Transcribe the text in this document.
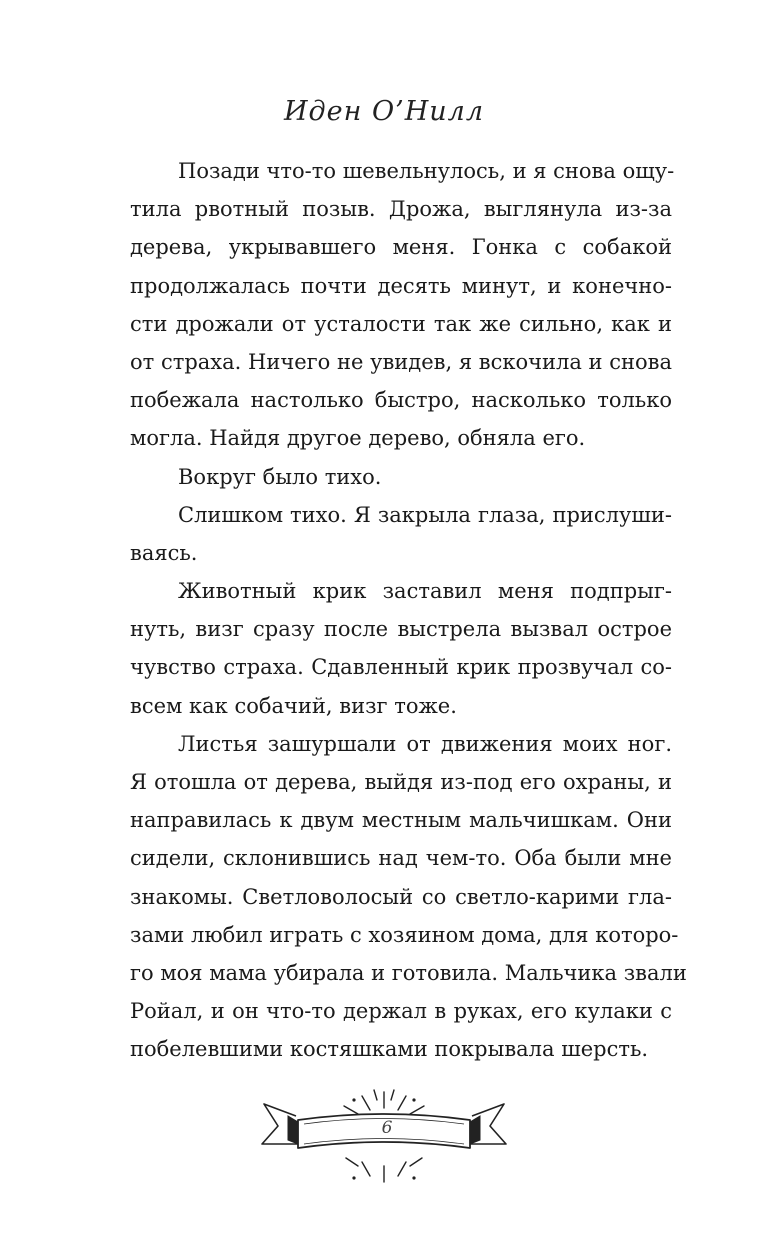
Иден О’Нилл
Позади что-то шевельнулось, и я снова ощу-
тила рвотный позыв. Дрожа, выглянула из-за
дерева, укрывавшего меня. Гонка с собакой
продолжалась почти десять минут, и конечно-
сти дрожали от усталости так же сильно, как и
от страха. Ничего не увидев, я вскочила и снова
побежала настолько быстро, насколько только
могла. Найдя другое дерево, обняла его.
Вокруг было тихо.
Слишком тихо. Я закрыла глаза, прислуши-
ваясь.
Животный крик заставил меня подпрыг-
нуть, визг сразу после выстрела вызвал острое
чувство страха. Сдавленный крик прозвучал со-
всем как собачий, визг тоже.
Листья зашуршали от движения моих ног.
Я отошла от дерева, выйдя из-под его охраны, и
направилась к двум местным мальчишкам. Они
сидели, склонившись над чем-то. Оба были мне
знакомы. Светловолосый со светло-карими гла-
зами любил играть с хозяином дома, для которо-
го моя мама убирала и готовила. Мальчика звали
Ройал, и он что-то держал в руках, его кулаки с
побелевшими костяшками покрывала шерсть.
6
